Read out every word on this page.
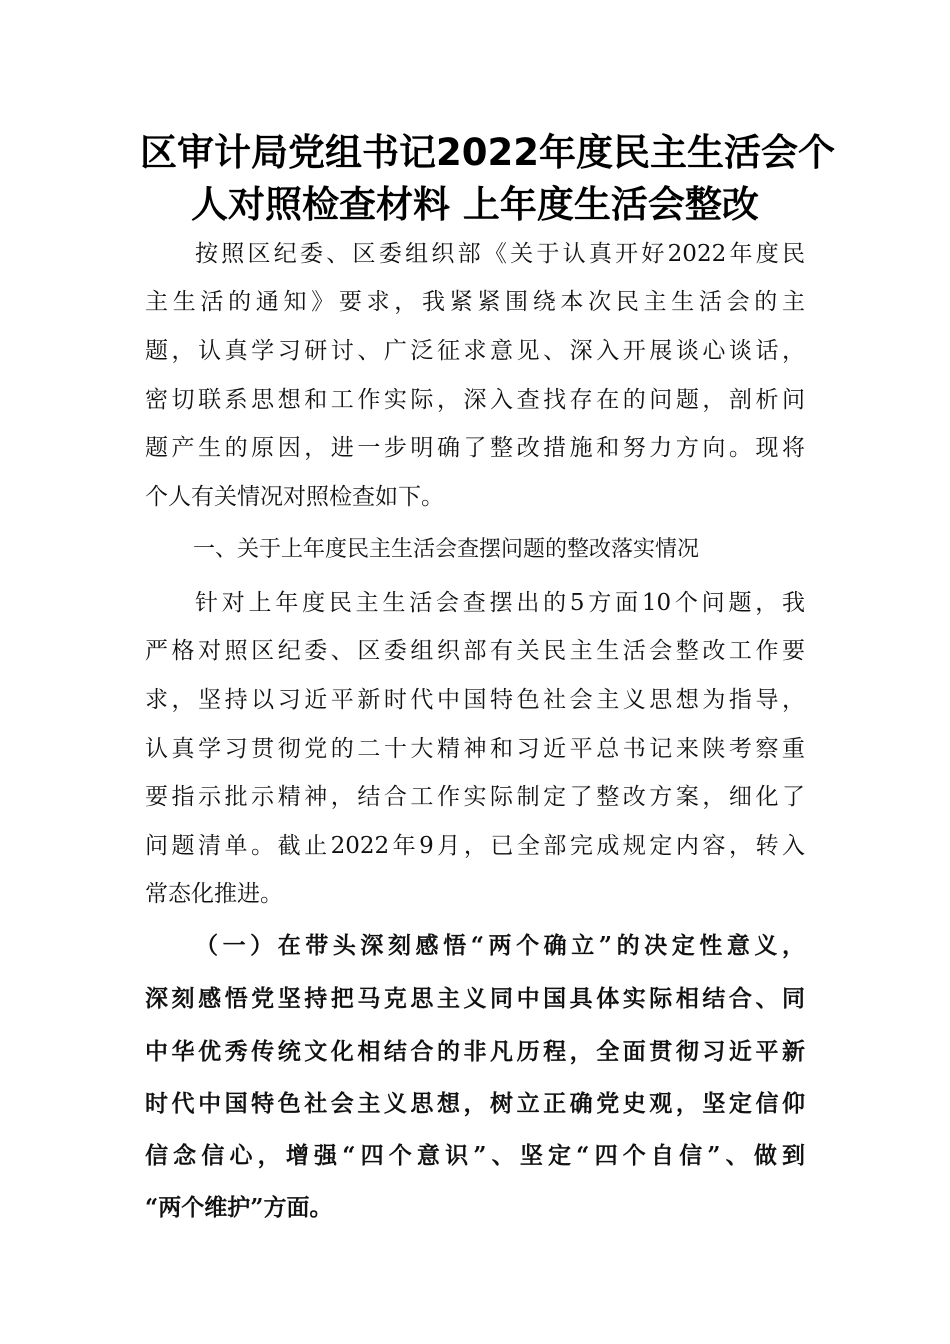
区审计局党组书记2022年度民主生活会个
人对照检查材料 上年度生活会整改

按照区纪委、区委组织部《关于认真开好2022年度民

主生活的通知》要求，我紧紧围绕本次民主生活会的主

题，认真学习研讨、广泛征求意见、深入开展谈心谈话，

密切联系思想和工作实际，深入查找存在的问题，剖析问

题产生的原因，进一步明确了整改措施和努力方向。现将

个人有关情况对照检查如下。

一、关于上年度民主生活会查摆问题的整改落实情况

针对上年度民主生活会查摆出的5方面10个问题，我

严格对照区纪委、区委组织部有关民主生活会整改工作要

求，坚持以习近平新时代中国特色社会主义思想为指导，

认真学习贯彻党的二十大精神和习近平总书记来陕考察重

要指示批示精神，结合工作实际制定了整改方案，细化了

问题清单。截止2022年9月，已全部完成规定内容，转入

常态化推进。

（一）在带头深刻感悟“两个确立”的决定性意义，

深刻感悟党坚持把马克思主义同中国具体实际相结合、同

中华优秀传统文化相结合的非凡历程，全面贯彻习近平新

时代中国特色社会主义思想，树立正确党史观，坚定信仰

信念信心，增强“四个意识”、坚定“四个自信”、做到

“两个维护”方面。
